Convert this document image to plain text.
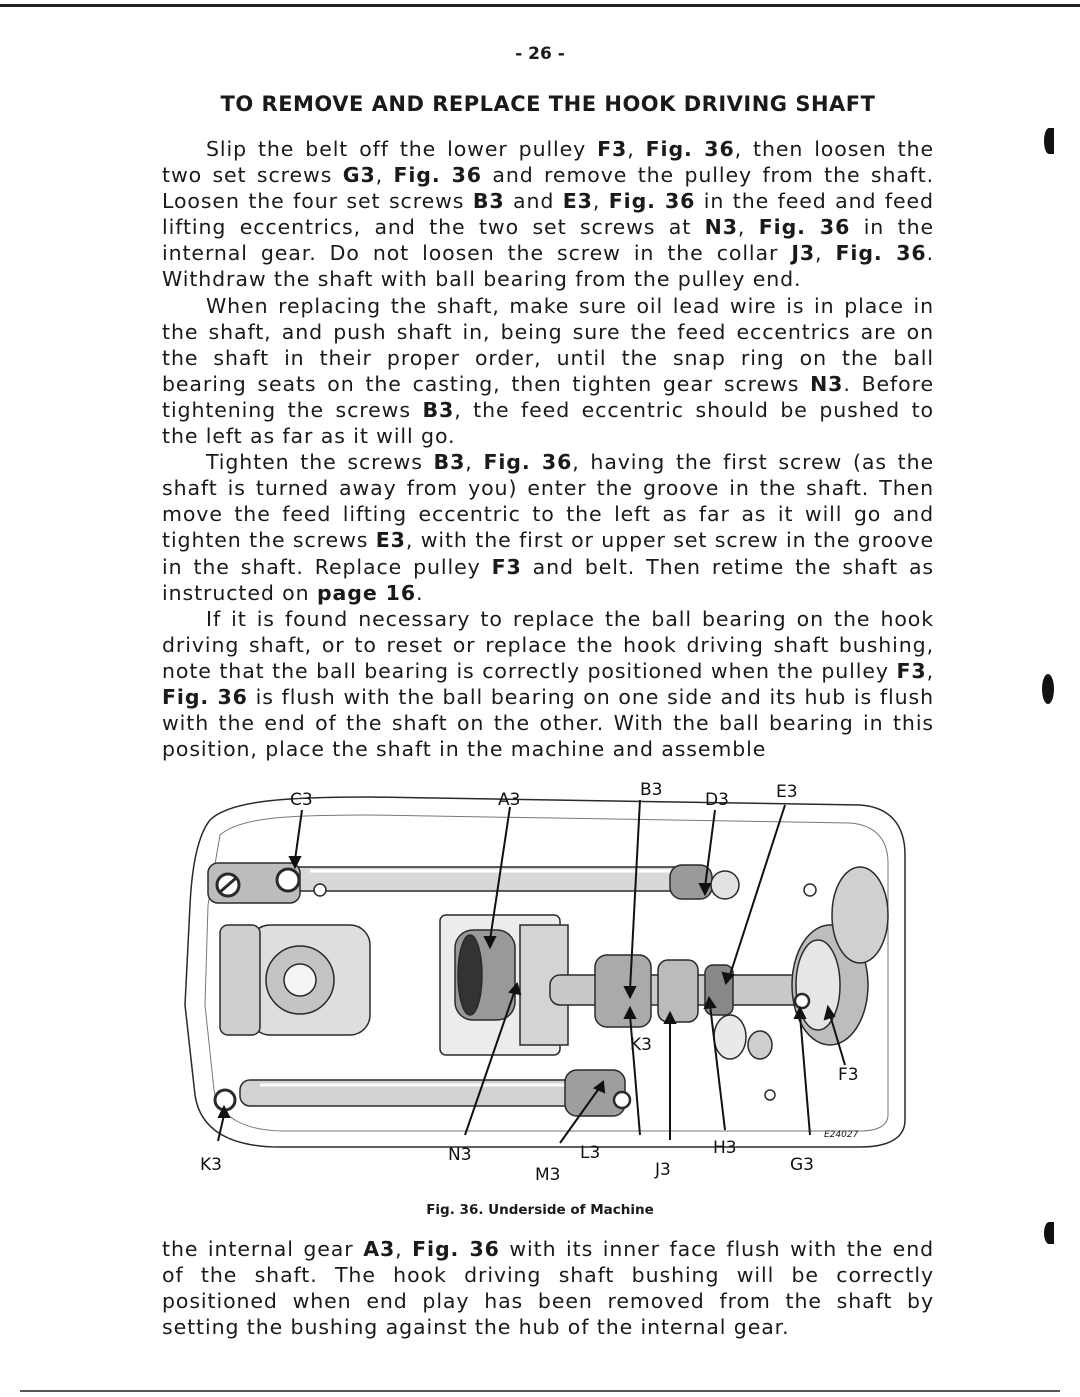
- 26 -
TO REMOVE AND REPLACE THE HOOK DRIVING SHAFT

Slip the belt off the lower pulley F3, Fig. 36, then loosen the two set screws G3, Fig. 36 and remove the pulley from the shaft. Loosen the four set screws B3 and E3, Fig. 36 in the feed and feed lifting eccentrics, and the two set screws at N3, Fig. 36 in the internal gear. Do not loosen the screw in the collar J3, Fig. 36. Withdraw the shaft with ball bearing from the pulley end.

When replacing the shaft, make sure oil lead wire is in place in the shaft, and push shaft in, being sure the feed eccentrics are on the shaft in their proper order, until the snap ring on the ball bearing seats on the casting, then tighten gear screws N3. Before tightening the screws B3, the feed eccentric should be pushed to the left as far as it will go.

Tighten the screws B3, Fig. 36, having the first screw (as the shaft is turned away from you) enter the groove in the shaft. Then move the feed lifting eccentric to the left as far as it will go and tighten the screws E3, with the first or upper set screw in the groove in the shaft. Replace pulley F3 and belt. Then retime the shaft as instructed on page 16.

If it is found necessary to replace the ball bearing on the hook driving shaft, or to reset or replace the hook driving shaft bushing, note that the ball bearing is correctly positioned when the pulley F3, Fig. 36 is flush with the ball bearing on one side and its hub is flush with the end of the shaft on the other. With the ball bearing in this position, place the shaft in the machine and assemble

C3	A3	B3	D3	E3
K3
F3
K3	N3
M3
L3
J3
H3
G3
E24027
Fig. 36. Underside of Machine

the internal gear A3, Fig. 36 with its inner face flush with the end of the shaft. The hook driving shaft bushing will be correctly positioned when end play has been removed from the shaft by setting the bushing against the hub of the internal gear.
